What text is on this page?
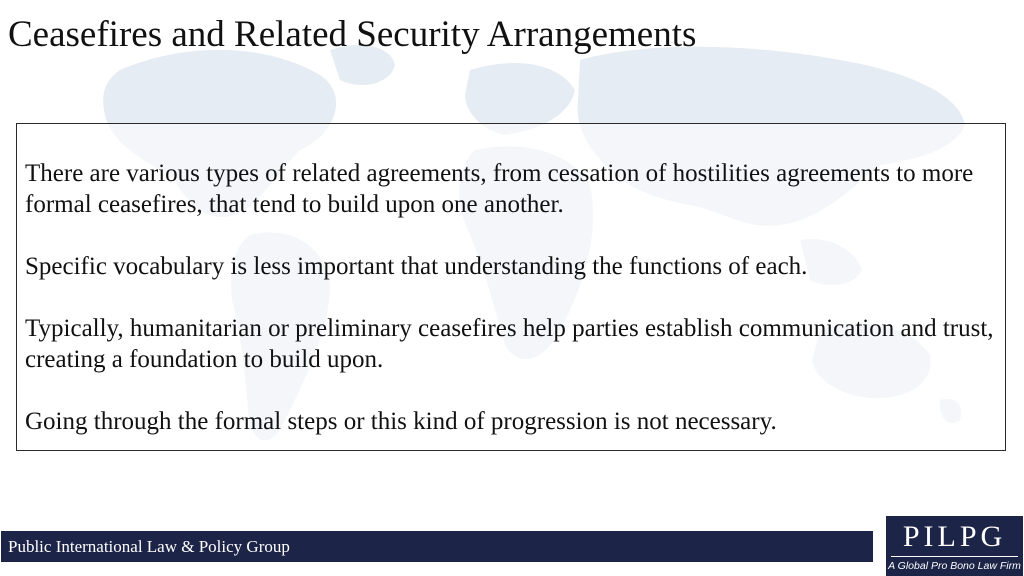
Ceasefires and Related Security Arrangements

There are various types of related agreements, from cessation of hostilities agreements to more formal ceasefires, that tend to build upon one another.

Specific vocabulary is less important that understanding the functions of each.

Typically, humanitarian or preliminary ceasefires help parties establish communication and trust, creating a foundation to build upon.

Going through the formal steps or this kind of progression is not necessary.

Public International Law & Policy Group	PILPG
A Global Pro Bono Law Firm
